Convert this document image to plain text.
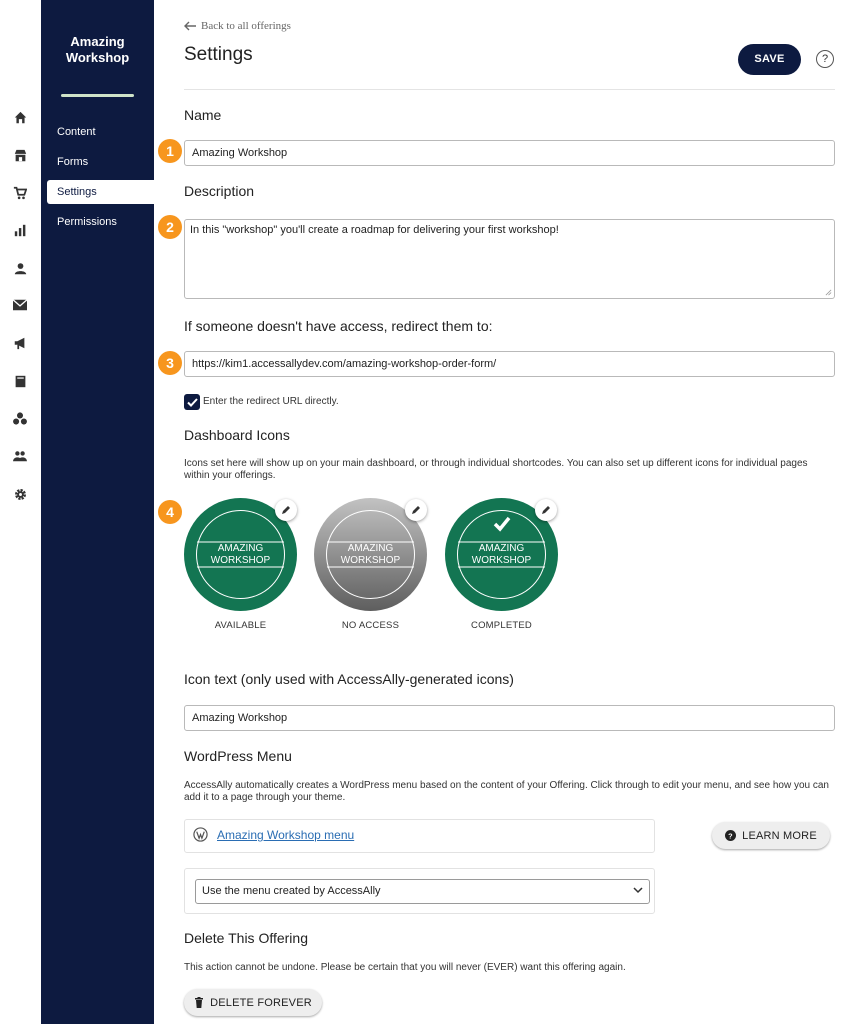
Amazing Workshop
Content
Forms
Settings
Permissions
1
2
3
4
Back to all offerings
Settings	SAVE	?
Name
Amazing Workshop
Description
In this "workshop" you'll create a roadmap for delivering your first workshop!
If someone doesn't have access, redirect them to:
https://kim1.accessallydev.com/amazing-workshop-order-form/
Enter the redirect URL directly.
Dashboard Icons
Icons set here will show up on your main dashboard, or through individual shortcodes. You can also set up different icons for individual pages within your offerings.
AMAZING
WORKSHOP
AVAILABLE
AMAZING
WORKSHOP
NO ACCESS
AMAZING
WORKSHOP
COMPLETED
Icon text (only used with AccessAlly-generated icons)
Amazing Workshop
WordPress Menu
AccessAlly automatically creates a WordPress menu based on the content of your Offering. Click through to edit your menu, and see how you can add it to a page through your theme.
Amazing Workshop menu	? LEARN MORE
Use the menu created by AccessAlly
Delete This Offering
This action cannot be undone. Please be certain that you will never (EVER) want this offering again.
DELETE FOREVER
